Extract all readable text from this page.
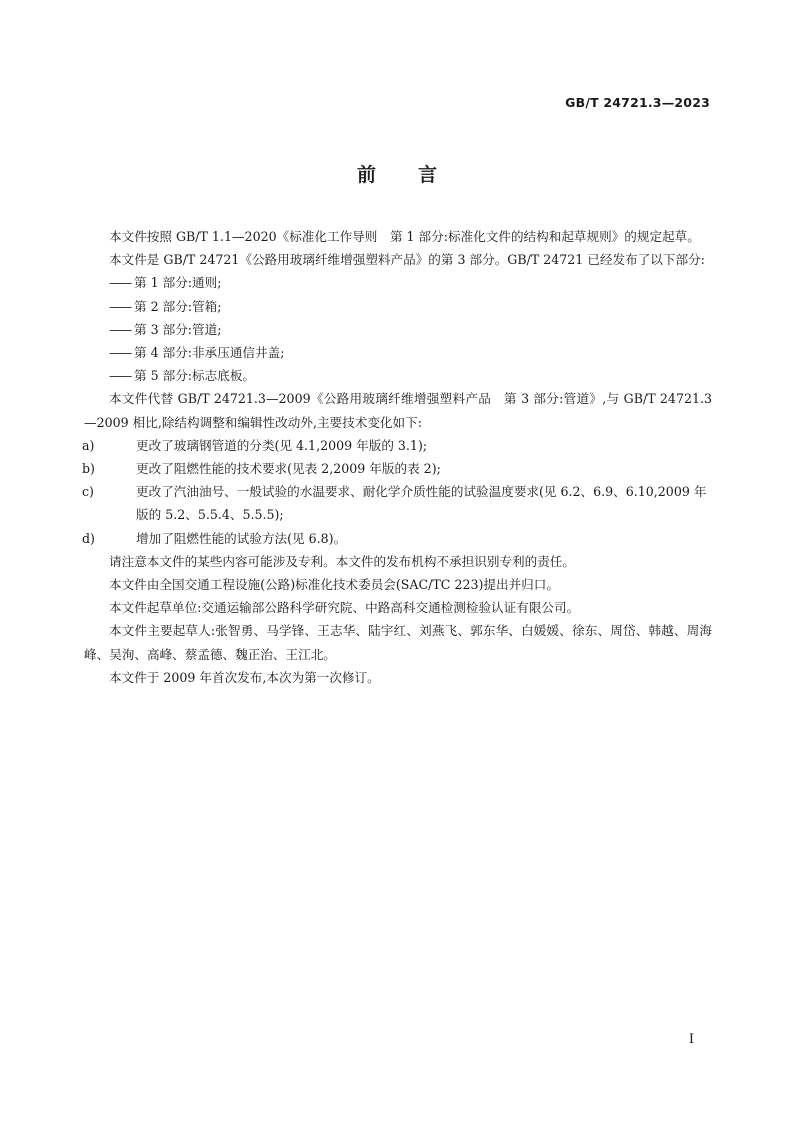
GB/T 24721.3—2023
前 言
本文件按照 GB/T 1.1—2020《标准化工作导则　第 1 部分:标准化文件的结构和起草规则》的规定起草。
本文件是 GB/T 24721《公路用玻璃纤维增强塑料产品》的第 3 部分。GB/T 24721 已经发布了以下部分:
—— 第 1 部分:通则;
—— 第 2 部分:管箱;
—— 第 3 部分:管道;
—— 第 4 部分:非承压通信井盖;
—— 第 5 部分:标志底板。
本文件代替 GB/T 24721.3—2009《公路用玻璃纤维增强塑料产品　第 3 部分:管道》,与 GB/T 24721.3—2009 相比,除结构调整和编辑性改动外,主要技术变化如下:
a)	更改了玻璃钢管道的分类(见 4.1,2009 年版的 3.1);
b)	更改了阻燃性能的技术要求(见表 2,2009 年版的表 2);
c)	更改了汽油油号、一般试验的水温要求、耐化学介质性能的试验温度要求(见 6.2、6.9、6.10,2009 年版的 5.2、5.5.4、5.5.5);
d)	增加了阻燃性能的试验方法(见 6.8)。
请注意本文件的某些内容可能涉及专利。本文件的发布机构不承担识别专利的责任。
本文件由全国交通工程设施(公路)标准化技术委员会(SAC/TC 223)提出并归口。
本文件起草单位:交通运输部公路科学研究院、中路高科交通检测检验认证有限公司。
本文件主要起草人:张智勇、马学锋、王志华、陆宇红、刘燕飞、郭东华、白媛媛、徐东、周岱、韩越、周海峰、吴洵、高峰、蔡孟德、魏正治、王江北。
本文件于 2009 年首次发布,本次为第一次修订。
I
